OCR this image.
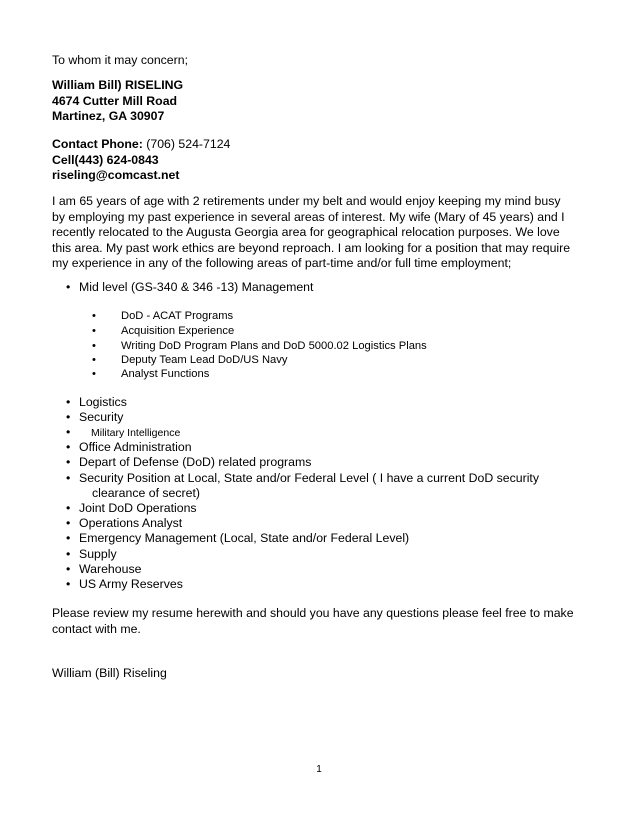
To whom it may concern;
William Bill) RISELING
4674 Cutter Mill Road
Martinez, GA 30907
Contact Phone: (706) 524-7124
Cell(443) 624-0843
riseling@comcast.net
I am 65 years of age with 2 retirements under my belt and would enjoy keeping my mind busy
by employing my past experience in several areas of interest. My wife (Mary of 45 years) and I
recently relocated to the Augusta Georgia area for geographical relocation purposes. We love
this area. My past work ethics are beyond reproach. I am looking for a position that may require
my experience in any of the following areas of part-time and/or full time employment;
• Mid level (GS-340 & 346 -13) Management
• DoD - ACAT Programs
• Acquisition Experience
• Writing DoD Program Plans and DoD 5000.02 Logistics Plans
• Deputy Team Lead DoD/US Navy
• Analyst Functions
• Logistics
• Security
• Military Intelligence
• Office Administration
• Depart of Defense (DoD) related programs
• Security Position at Local, State and/or Federal Level ( I have a current DoD security
clearance of secret)
• Joint DoD Operations
• Operations Analyst
• Emergency Management (Local, State and/or Federal Level)
• Supply
• Warehouse
• US Army Reserves
Please review my resume herewith and should you have any questions please feel free to make
contact with me.
William (Bill) Riseling
1
